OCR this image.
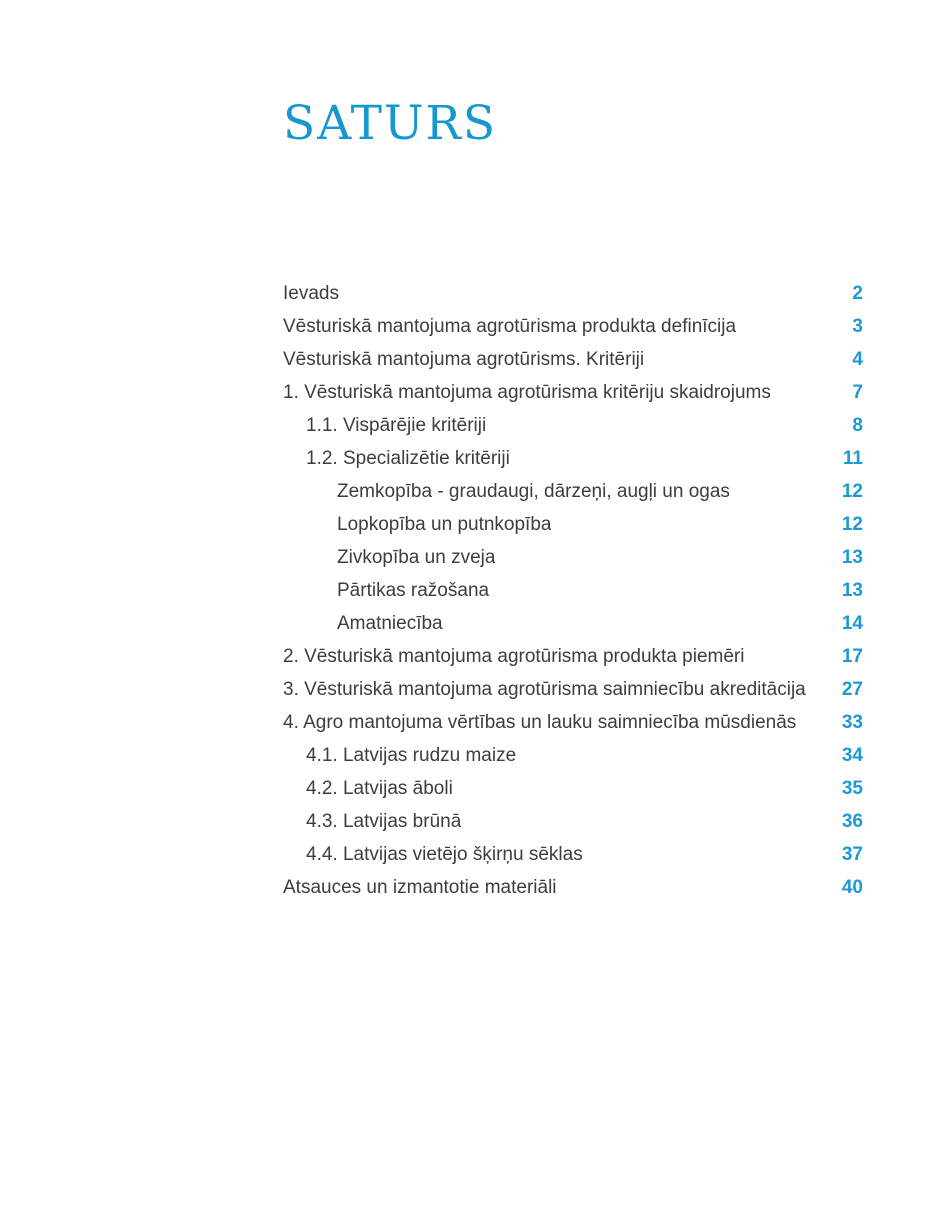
SATURS
Ievads	2
Vēsturiskā mantojuma agrotūrisma produkta definīcija	3
Vēsturiskā mantojuma agrotūrisms. Kritēriji	4
1. Vēsturiskā mantojuma agrotūrisma kritēriju skaidrojums	7
1.1. Vispārējie kritēriji	8
1.2. Specializētie kritēriji	11
Zemkopība - graudaugi, dārzeņi, augļi un ogas	12
Lopkopība un putnkopība	12
Zivkopība un zveja	13
Pārtikas ražošana	13
Amatniecība	14
2. Vēsturiskā mantojuma agrotūrisma produkta piemēri	17
3. Vēsturiskā mantojuma agrotūrisma saimniecību akreditācija	27
4. Agro mantojuma vērtības un lauku saimniecība mūsdienās	33
4.1. Latvijas rudzu maize	34
4.2. Latvijas āboli	35
4.3. Latvijas brūnā	36
4.4. Latvijas vietējo šķirņu sēklas	37
Atsauces un izmantotie materiāli	40
